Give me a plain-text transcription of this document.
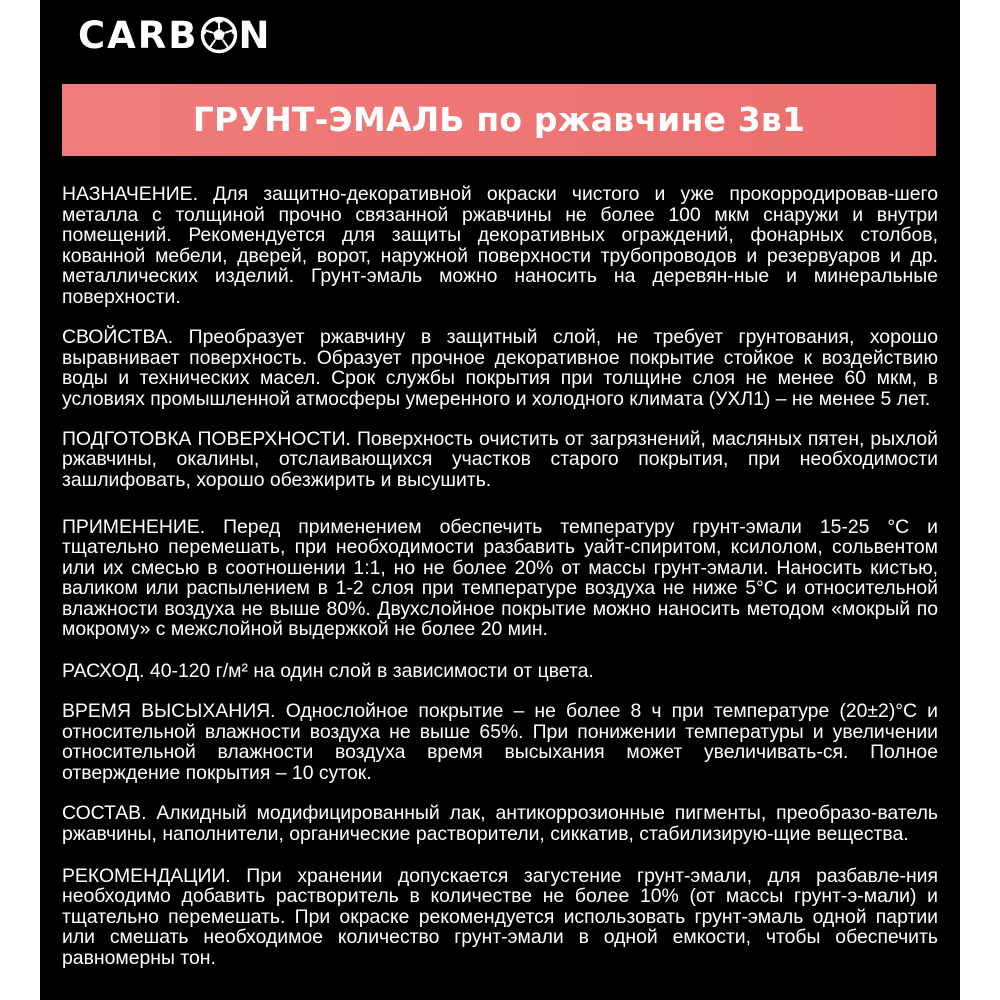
CARB N
ГРУНТ-ЭМАЛЬ по ржавчине 3в1

НАЗНАЧЕНИЕ. Для защитно-декоративной окраски чистого и уже прокорродировав-шего металла с толщиной прочно связанной ржавчины не более 100 мкм снаружи и внутри помещений. Рекомендуется для защиты декоративных ограждений, фонарных столбов, кованной мебели, дверей, ворот, наружной поверхности трубопроводов и резервуаров и др. металлических изделий. Грунт-эмаль можно наносить на деревян-ные и минеральные поверхности.

СВОЙСТВА. Преобразует ржавчину в защитный слой, не требует грунтования, хорошо выравнивает поверхность. Образует прочное декоративное покрытие стойкое к воздействию воды и технических масел. Срок службы покрытия при толщине слоя не менее 60 мкм, в условиях промышленной атмосферы умеренного и холодного климата (УХЛ1) – не менее 5 лет.

ПОДГОТОВКА ПОВЕРХНОСТИ. Поверхность очистить от загрязнений, масляных пятен, рыхлой ржавчины, окалины, отслаивающихся участков старого покрытия, при необходимости зашлифовать, хорошо обезжирить и высушить.

ПРИМЕНЕНИЕ. Перед применением обеспечить температуру грунт-эмали 15-25 °С и тщательно перемешать, при необходимости разбавить уайт-спиритом, ксилолом, сольвентом или их смесью в соотношении 1:1, но не более 20% от массы грунт-эмали. Наносить кистью, валиком или распылением в 1-2 слоя при температуре воздуха не ниже 5°С и относительной влажности воздуха не выше 80%. Двухслойное покрытие можно наносить методом «мокрый по мокрому» с межслойной выдержкой не более 20 мин.

РАСХОД. 40-120 г/м² на один слой в зависимости от цвета.

ВРЕМЯ ВЫСЫХАНИЯ. Однослойное покрытие – не более 8 ч при температуре (20±2)°С и относительной влажности воздуха не выше 65%. При понижении температуры и увеличении относительной влажности воздуха время высыхания может увеличивать-ся. Полное отверждение покрытия – 10 суток.

СОСТАВ. Алкидный модифицированный лак, антикоррозионные пигменты, преобразо-ватель ржавчины, наполнители, органические растворители, сиккатив, стабилизирую-щие вещества.

РЕКОМЕНДАЦИИ. При хранении допускается загустение грунт-эмали, для разбавле-ния необходимо добавить растворитель в количестве не более 10% (от массы грунт-э-мали) и тщательно перемешать. При окраске рекомендуется использовать грунт-эмаль одной партии или смешать необходимое количество грунт-эмали в одной емкости, чтобы обеспечить равномерны тон.
